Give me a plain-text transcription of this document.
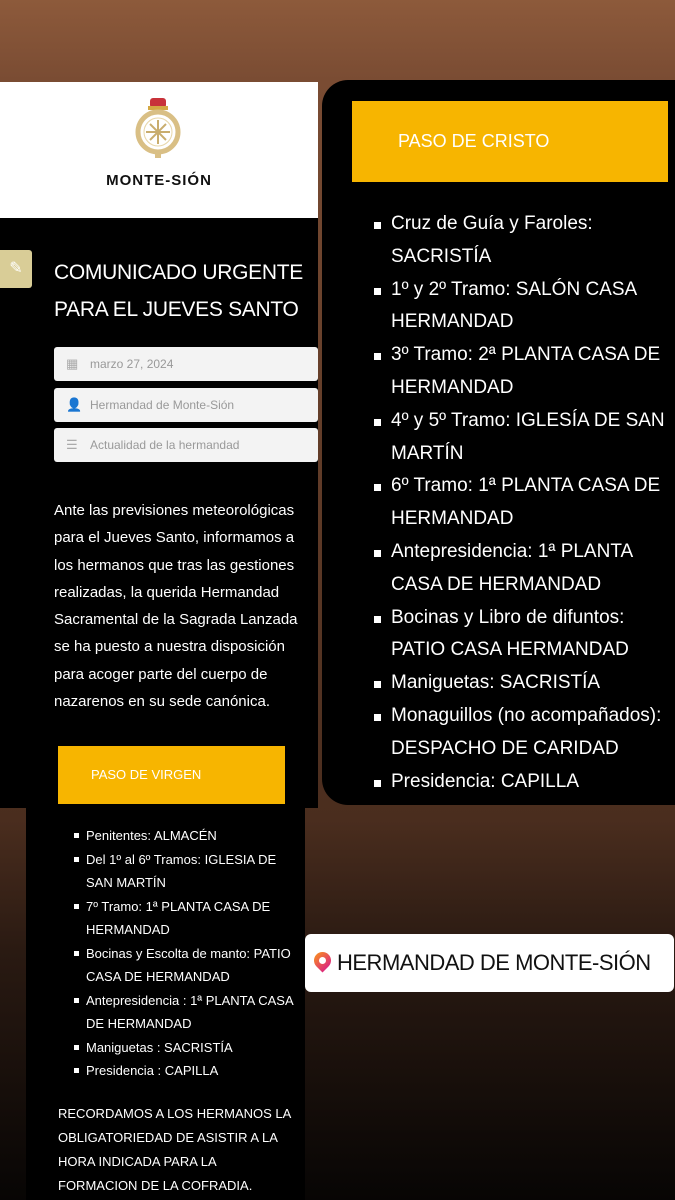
MONTE-SIÓN
✎	COMUNICADO URGENTE PARA EL JUEVES SANTO
▦ marzo 27, 2024
👤 Hermandad de Monte-Sión
☰ Actualidad de la hermandad
Ante las previsiones meteorológicas para el Jueves Santo, informamos a los hermanos que tras las gestiones realizadas, la querida Hermandad Sacramental de la Sagrada Lanzada se ha puesto a nuestra disposición para acoger parte del cuerpo de nazarenos en su sede canónica.
PASO DE VIRGEN
Penitentes: ALMACÉN
Del 1º al 6º Tramos: IGLESIA DE SAN MARTÍN
7º Tramo: 1ª PLANTA CASA DE HERMANDAD
Bocinas y Escolta de manto: PATIO CASA DE HERMANDAD
Antepresidencia : 1ª PLANTA CASA DE HERMANDAD
Maniguetas : SACRISTÍA
Presidencia : CAPILLA
RECORDAMOS A LOS HERMANOS LA OBLIGATORIEDAD DE ASISTIR A LA HORA INDICADA PARA LA FORMACION DE LA COFRADIA.
PASO DE CRISTO
Cruz de Guía y Faroles: SACRISTÍA
1º y 2º Tramo: SALÓN CASA HERMANDAD
3º Tramo: 2ª PLANTA CASA DE HERMANDAD
4º y 5º Tramo: IGLESÍA DE SAN MARTÍN
6º Tramo: 1ª PLANTA CASA DE HERMANDAD
Antepresidencia: 1ª PLANTA CASA DE HERMANDAD
Bocinas y Libro de difuntos: PATIO CASA HERMANDAD
Maniguetas: SACRISTÍA
Monaguillos (no acompañados): DESPACHO DE CARIDAD
Presidencia: CAPILLA
HERMANDAD DE MONTE-SIÓN
